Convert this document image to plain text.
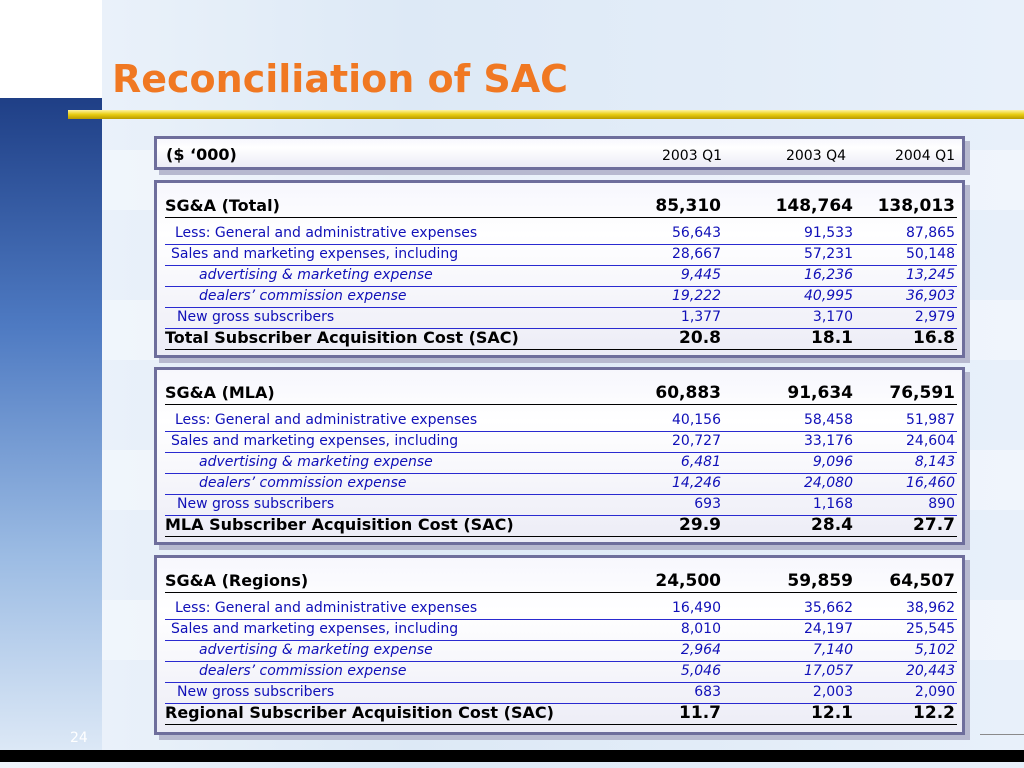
Reconciliation of SAC
($ ‘000)	2003 Q1	2003 Q4	2004 Q1
SG&A (Total)	85,310	148,764	138,013
Less: General and administrative expenses	56,643	91,533	87,865
Sales and marketing expenses, including	28,667	57,231	50,148
advertising & marketing expense	9,445	16,236	13,245
dealers’ commission expense	19,222	40,995	36,903
New gross subscribers	1,377	3,170	2,979
Total Subscriber Acquisition Cost (SAC)	20.8	18.1	16.8
SG&A (MLA)	60,883	91,634	76,591
Less: General and administrative expenses	40,156	58,458	51,987
Sales and marketing expenses, including	20,727	33,176	24,604
advertising & marketing expense	6,481	9,096	8,143
dealers’ commission expense	14,246	24,080	16,460
New gross subscribers	693	1,168	890
MLA Subscriber Acquisition Cost (SAC)	29.9	28.4	27.7
SG&A (Regions)	24,500	59,859	64,507
Less: General and administrative expenses	16,490	35,662	38,962
Sales and marketing expenses, including	8,010	24,197	25,545
advertising & marketing expense	2,964	7,140	5,102
dealers’ commission expense	5,046	17,057	20,443
New gross subscribers	683	2,003	2,090
Regional Subscriber Acquisition Cost (SAC)	11.7	12.1	12.2
24
